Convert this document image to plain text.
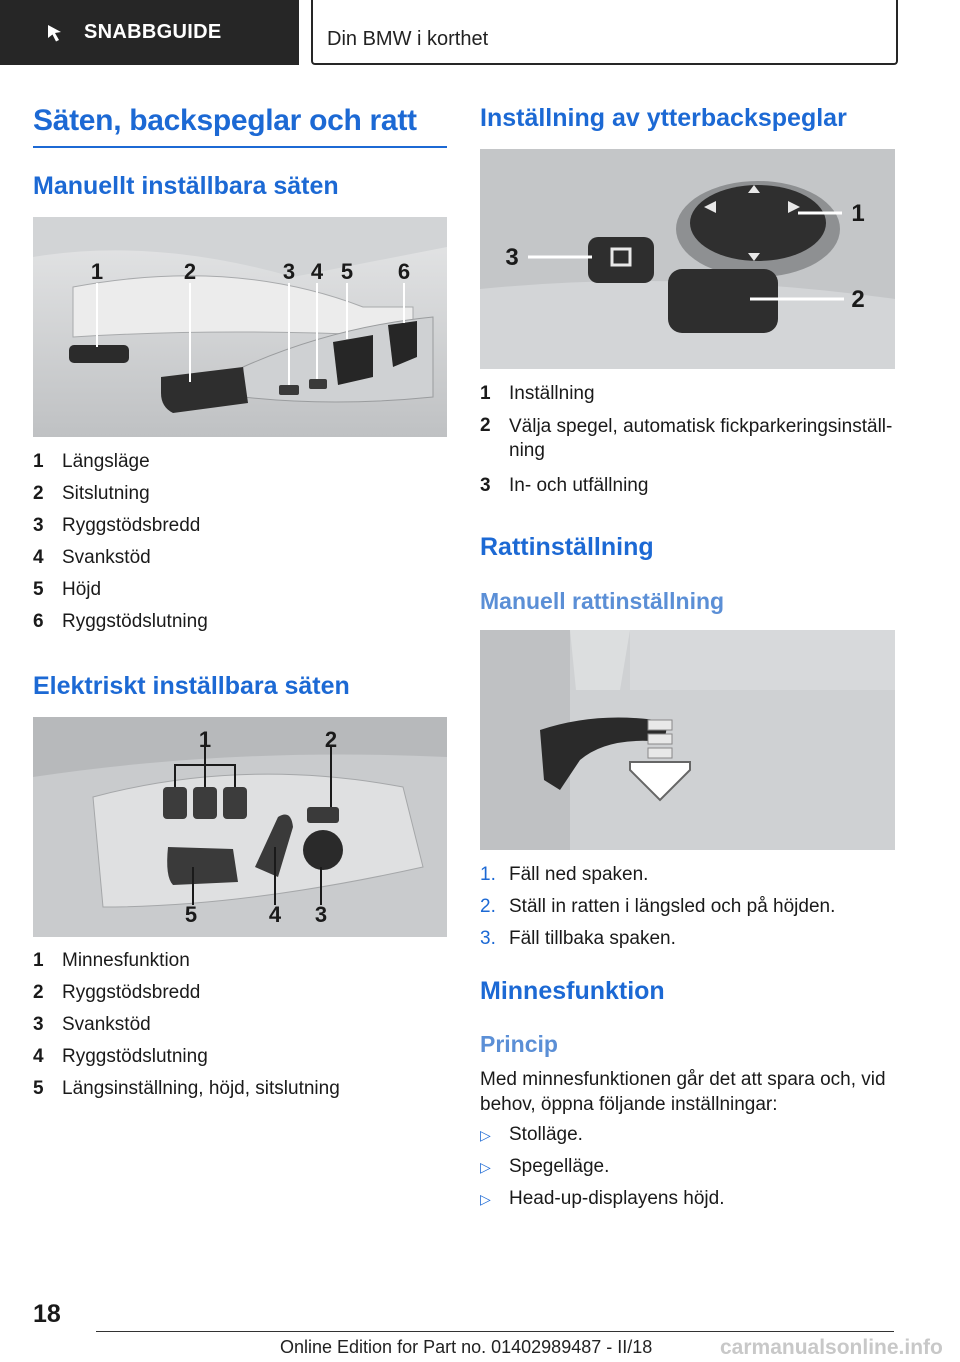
SNABBGUIDE	Din BMW i korthet
Säten, backspeglar och ratt
Manuellt inställbara säten
1	2	3 4 5 6
1 Längsläge
2 Sitslutning
3 Ryggstödsbredd
4 Svankstöd
5 Höjd
6 Ryggstödslutning
Elektriskt inställbara säten
1	2
5	4 3
1 Minnesfunktion
2 Ryggstödsbredd
3 Svankstöd
4 Ryggstödslutning
5 Längsinställning, höjd, sitslutning
Inställning av ytterbackspeglar
1
2
3
1 Inställning
2 Välja spegel, automatisk fickparkeringsinställ-
ning
3 In- och utfällning
Rattinställning
Manuell rattinställning
1. Fäll ned spaken.
2. Ställ in ratten i längsled och på höjden.
3. Fäll tillbaka spaken.
Minnesfunktion
Princip

Med minnesfunktionen går det att spara och, vid behov, öppna följande inställningar:

▷ Stolläge.
▷ Spegelläge.
▷ Head-up-displayens höjd.
18
Online Edition for Part no. 01402989487 - II/18	carmanualsonline.info
